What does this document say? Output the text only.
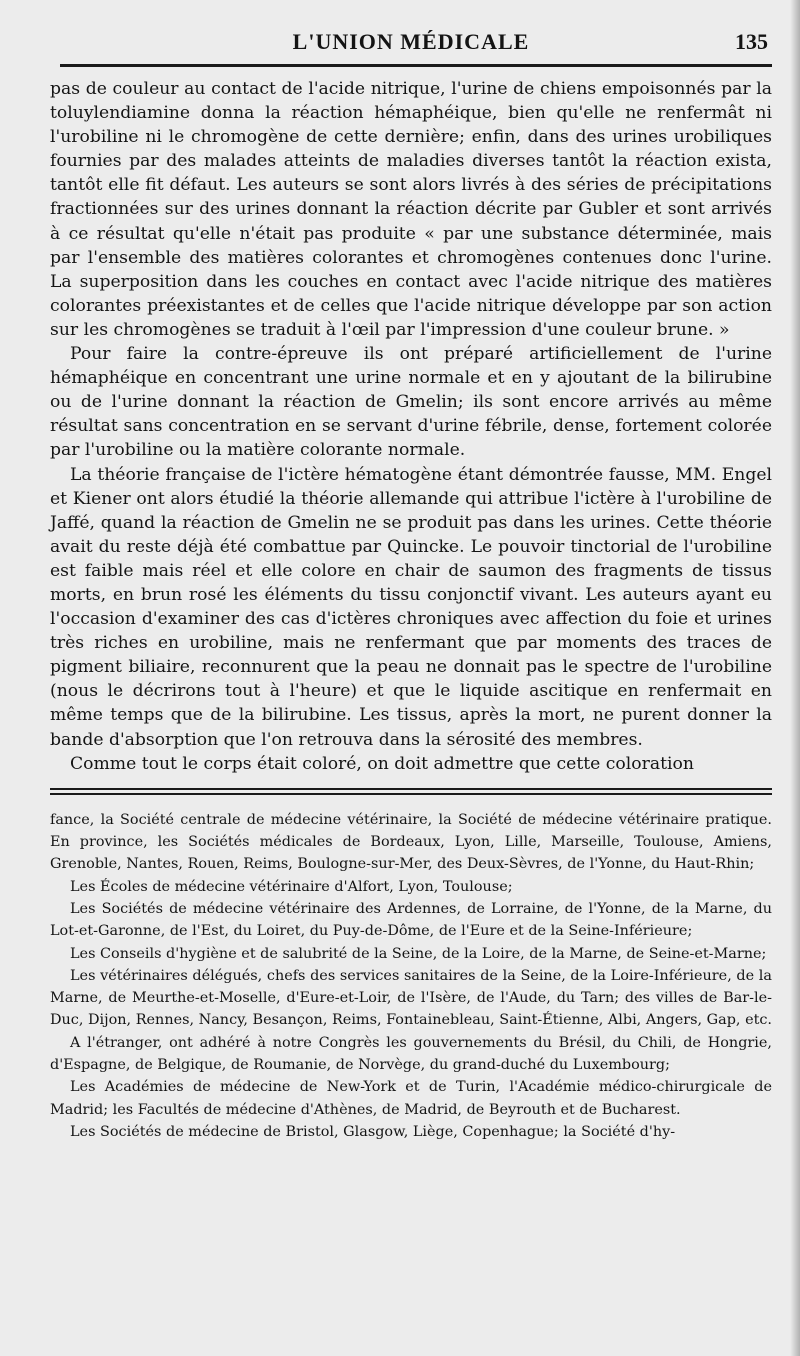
L'UNION MÉDICALE	135

pas de couleur au contact de l'acide nitrique, l'urine de chiens empoisonnés par la toluylendiamine donna la réaction hémaphéique, bien qu'elle ne renfermât ni l'urobiline ni le chromogène de cette dernière; enfin, dans des urines urobiliques fournies par des malades atteints de maladies diverses tantôt la réaction exista, tantôt elle fit défaut. Les auteurs se sont alors livrés à des séries de précipitations fractionnées sur des urines donnant la réaction décrite par Gubler et sont arrivés à ce résultat qu'elle n'était pas produite « par une substance déterminée, mais par l'ensemble des matières colorantes et chromogènes contenues donc l'urine. La superposition dans les couches en contact avec l'acide nitrique des matières colorantes préexistantes et de celles que l'acide nitrique développe par son action sur les chromogènes se traduit à l'œil par l'impression d'une couleur brune. »

Pour faire la contre-épreuve ils ont préparé artificiellement de l'urine hémaphéique en concentrant une urine normale et en y ajoutant de la bilirubine ou de l'urine donnant la réaction de Gmelin; ils sont encore arrivés au même résultat sans concentration en se servant d'urine fébrile, dense, fortement colorée par l'urobiline ou la matière colorante normale.

La théorie française de l'ictère hématogène étant démontrée fausse, MM. Engel et Kiener ont alors étudié la théorie allemande qui attribue l'ictère à l'urobiline de Jaffé, quand la réaction de Gmelin ne se produit pas dans les urines. Cette théorie avait du reste déjà été combattue par Quincke. Le pouvoir tinctorial de l'urobiline est faible mais réel et elle colore en chair de saumon des fragments de tissus morts, en brun rosé les éléments du tissu conjonctif vivant. Les auteurs ayant eu l'occasion d'examiner des cas d'ictères chroniques avec affection du foie et urines très riches en urobiline, mais ne renfermant que par moments des traces de pigment biliaire, reconnurent que la peau ne donnait pas le spectre de l'urobiline (nous le décrirons tout à l'heure) et que le liquide ascitique en renfermait en même temps que de la bilirubine. Les tissus, après la mort, ne purent donner la bande d'absorption que l'on retrouva dans la sérosité des membres.

Comme tout le corps était coloré, on doit admettre que cette coloration

fance, la Société centrale de médecine vétérinaire, la Société de médecine vétérinaire pratique. En province, les Sociétés médicales de Bordeaux, Lyon, Lille, Marseille, Toulouse, Amiens, Grenoble, Nantes, Rouen, Reims, Boulogne-sur-Mer, des Deux-Sèvres, de l'Yonne, du Haut-Rhin;

Les Écoles de médecine vétérinaire d'Alfort, Lyon, Toulouse;

Les Sociétés de médecine vétérinaire des Ardennes, de Lorraine, de l'Yonne, de la Marne, du Lot-et-Garonne, de l'Est, du Loiret, du Puy-de-Dôme, de l'Eure et de la Seine-Inférieure;

Les Conseils d'hygiène et de salubrité de la Seine, de la Loire, de la Marne, de Seine-et-Marne;

Les vétérinaires délégués, chefs des services sanitaires de la Seine, de la Loire-Inférieure, de la Marne, de Meurthe-et-Moselle, d'Eure-et-Loir, de l'Isère, de l'Aude, du Tarn; des villes de Bar-le-Duc, Dijon, Rennes, Nancy, Besançon, Reims, Fontainebleau, Saint-Étienne, Albi, Angers, Gap, etc.

A l'étranger, ont adhéré à notre Congrès les gouvernements du Brésil, du Chili, de Hongrie, d'Espagne, de Belgique, de Roumanie, de Norvège, du grand-duché du Luxembourg;

Les Académies de médecine de New-York et de Turin, l'Académie médico-chirurgicale de Madrid; les Facultés de médecine d'Athènes, de Madrid, de Beyrouth et de Bucharest.

Les Sociétés de médecine de Bristol, Glasgow, Liège, Copenhague; la Société d'hy-
